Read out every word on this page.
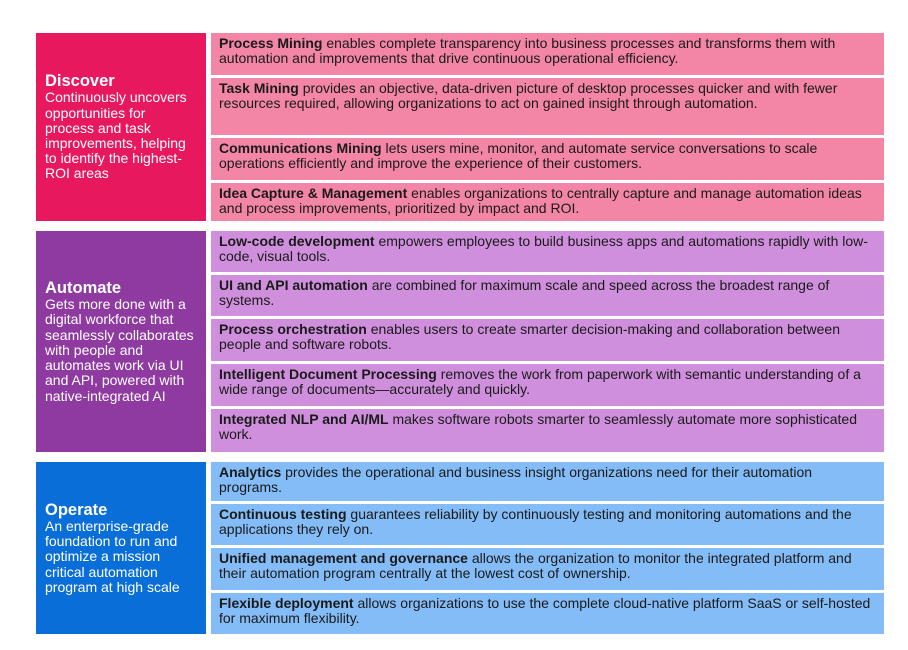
Discover
Continuously uncovers opportunities for process and task improvements, helping to identify the highest-ROI areas
Process Mining enables complete transparency into business processes and transforms them with automation and improvements that drive continuous operational efficiency.
Task Mining provides an objective, data-driven picture of desktop processes quicker and with fewer resources required, allowing organizations to act on gained insight through automation.
Communications Mining lets users mine, monitor, and automate service conversations to scale operations efficiently and improve the experience of their customers.
Idea Capture & Management enables organizations to centrally capture and manage automation ideas and process improvements, prioritized by impact and ROI.
Automate
Gets more done with a digital workforce that seamlessly collaborates with people and automates work via UI and API, powered with native-integrated AI
Low-code development empowers employees to build business apps and automations rapidly with low-code, visual tools.
UI and API automation are combined for maximum scale and speed across the broadest range of systems.
Process orchestration enables users to create smarter decision-making and collaboration between people and software robots.
Intelligent Document Processing removes the work from paperwork with semantic understanding of a wide range of documents—accurately and quickly.
Integrated NLP and AI/ML makes software robots smarter to seamlessly automate more sophisticated work.
Operate
An enterprise-grade foundation to run and optimize a mission critical automation program at high scale
Analytics provides the operational and business insight organizations need for their automation programs.
Continuous testing guarantees reliability by continuously testing and monitoring automations and the applications they rely on.
Unified management and governance allows the organization to monitor the integrated platform and their automation program centrally at the lowest cost of ownership.
Flexible deployment allows organizations to use the complete cloud-native platform SaaS or self-hosted for maximum flexibility.
